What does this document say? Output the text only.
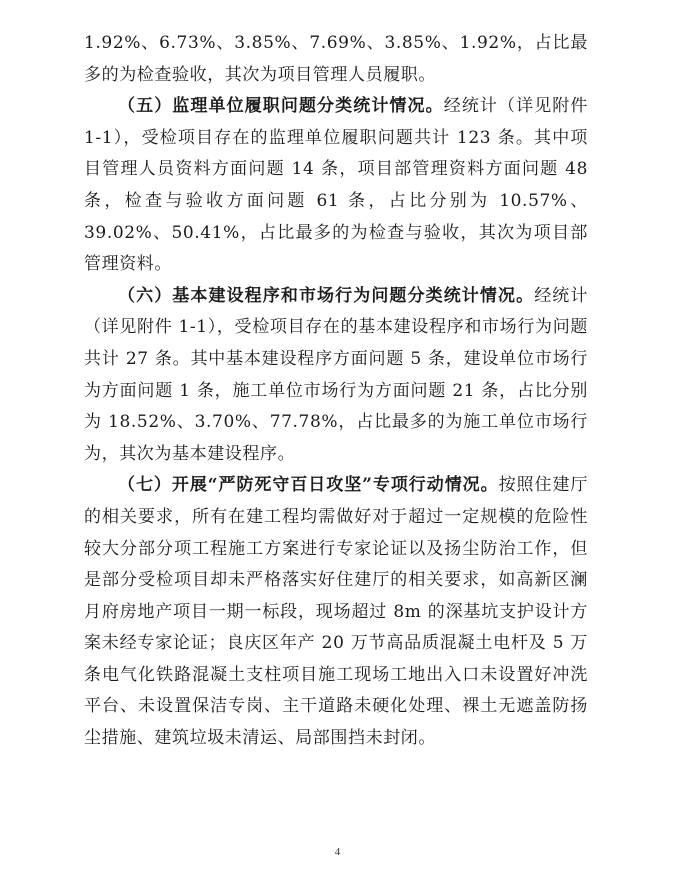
1.92%、6.73%、3.85%、7.69%、3.85%、1.92%，占比最多的为检查验收，其次为项目管理人员履职。

（五）监理单位履职问题分类统计情况。经统计（详见附件 1-1），受检项目存在的监理单位履职问题共计 123 条。其中项目管理人员资料方面问题 14 条，项目部管理资料方面问题 48 条，检查与验收方面问题 61 条，占比分别为 10.57%、39.02%、50.41%，占比最多的为检查与验收，其次为项目部管理资料。

（六）基本建设程序和市场行为问题分类统计情况。经统计（详见附件 1-1），受检项目存在的基本建设程序和市场行为问题共计 27 条。其中基本建设程序方面问题 5 条，建设单位市场行为方面问题 1 条，施工单位市场行为方面问题 21 条，占比分别为 18.52%、3.70%、77.78%，占比最多的为施工单位市场行为，其次为基本建设程序。

（七）开展“严防死守百日攻坚”专项行动情况。按照住建厅的相关要求，所有在建工程均需做好对于超过一定规模的危险性较大分部分项工程施工方案进行专家论证以及扬尘防治工作，但是部分受检项目却未严格落实好住建厅的相关要求，如高新区澜月府房地产项目一期一标段，现场超过 8m 的深基坑支护设计方案未经专家论证；良庆区年产 20 万节高品质混凝土电杆及 5 万条电气化铁路混凝土支柱项目施工现场工地出入口未设置好冲洗平台、未设置保洁专岗、主干道路未硬化处理、裸土无遮盖防扬尘措施、建筑垃圾未清运、局部围挡未封闭。

4
